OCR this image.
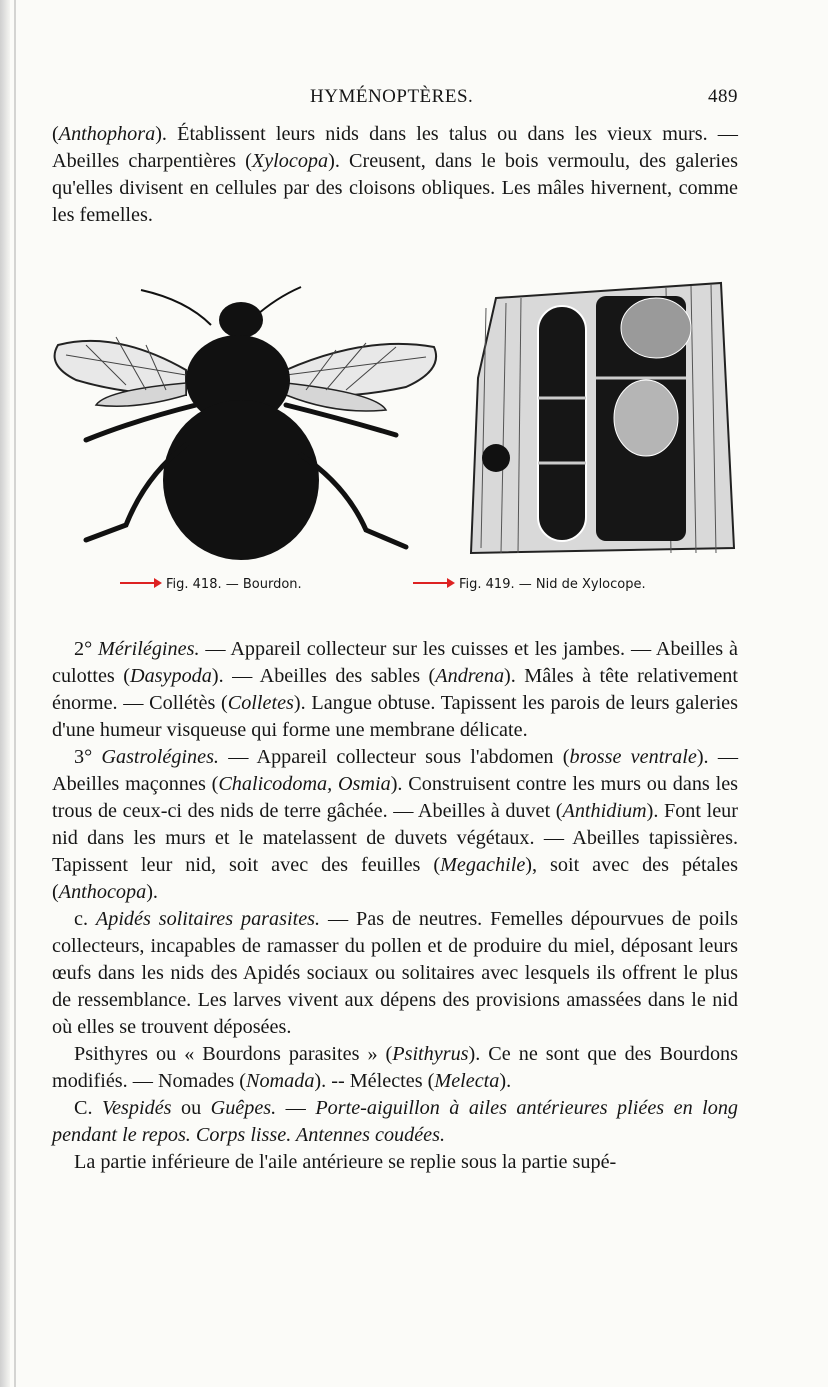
HYMÉNOPTÈRES.	489

(Anthophora). Établissent leurs nids dans les talus ou dans les vieux murs. — Abeilles charpentières (Xylocopa). Creusent, dans le bois vermoulu, des galeries qu'elles divisent en cellules par des cloisons obliques. Les mâles hivernent, comme les femelles.

Fig. 418. — Bourdon.	Fig. 419. — Nid de Xylocope.

2° Mérilégines. — Appareil collecteur sur les cuisses et les jambes. — Abeilles à culottes (Dasypoda). — Abeilles des sables (Andrena). Mâles à tête relativement énorme. — Collétès (Colletes). Langue obtuse. Tapissent les parois de leurs galeries d'une humeur visqueuse qui forme une membrane délicate.

3° Gastrolégines. — Appareil collecteur sous l'abdomen (brosse ventrale). — Abeilles maçonnes (Chalicodoma, Osmia). Construisent contre les murs ou dans les trous de ceux-ci des nids de terre gâchée. — Abeilles à duvet (Anthidium). Font leur nid dans les murs et le matelassent de duvets végétaux. — Abeilles tapissières. Tapissent leur nid, soit avec des feuilles (Megachile), soit avec des pétales (Anthocopa).

c. Apidés solitaires parasites. — Pas de neutres. Femelles dépourvues de poils collecteurs, incapables de ramasser du pollen et de produire du miel, déposant leurs œufs dans les nids des Apidés sociaux ou solitaires avec lesquels ils offrent le plus de ressemblance. Les larves vivent aux dépens des provisions amassées dans le nid où elles se trouvent déposées.

Psithyres ou « Bourdons parasites » (Psithyrus). Ce ne sont que des Bourdons modifiés. — Nomades (Nomada). -- Mélectes (Melecta).

C. Vespidés ou Guêpes. — Porte-aiguillon à ailes antérieures pliées en long pendant le repos. Corps lisse. Antennes coudées.

La partie inférieure de l'aile antérieure se replie sous la partie supé-
